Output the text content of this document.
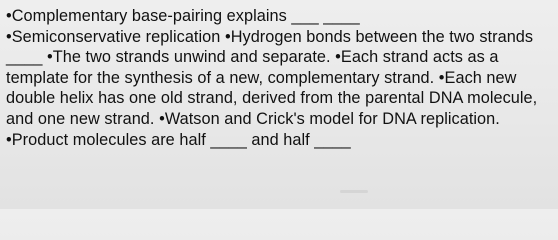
•Complementary base-pairing explains ___ ____
•Semiconservative replication •Hydrogen bonds between the two strands ____ •The two strands unwind and separate. •Each strand acts as a template for the synthesis of a new, complementary strand. •Each new double helix has one old strand, derived from the parental DNA molecule, and one new strand. •Watson and Crick's model for DNA replication. •Product molecules are half ____ and half ____
